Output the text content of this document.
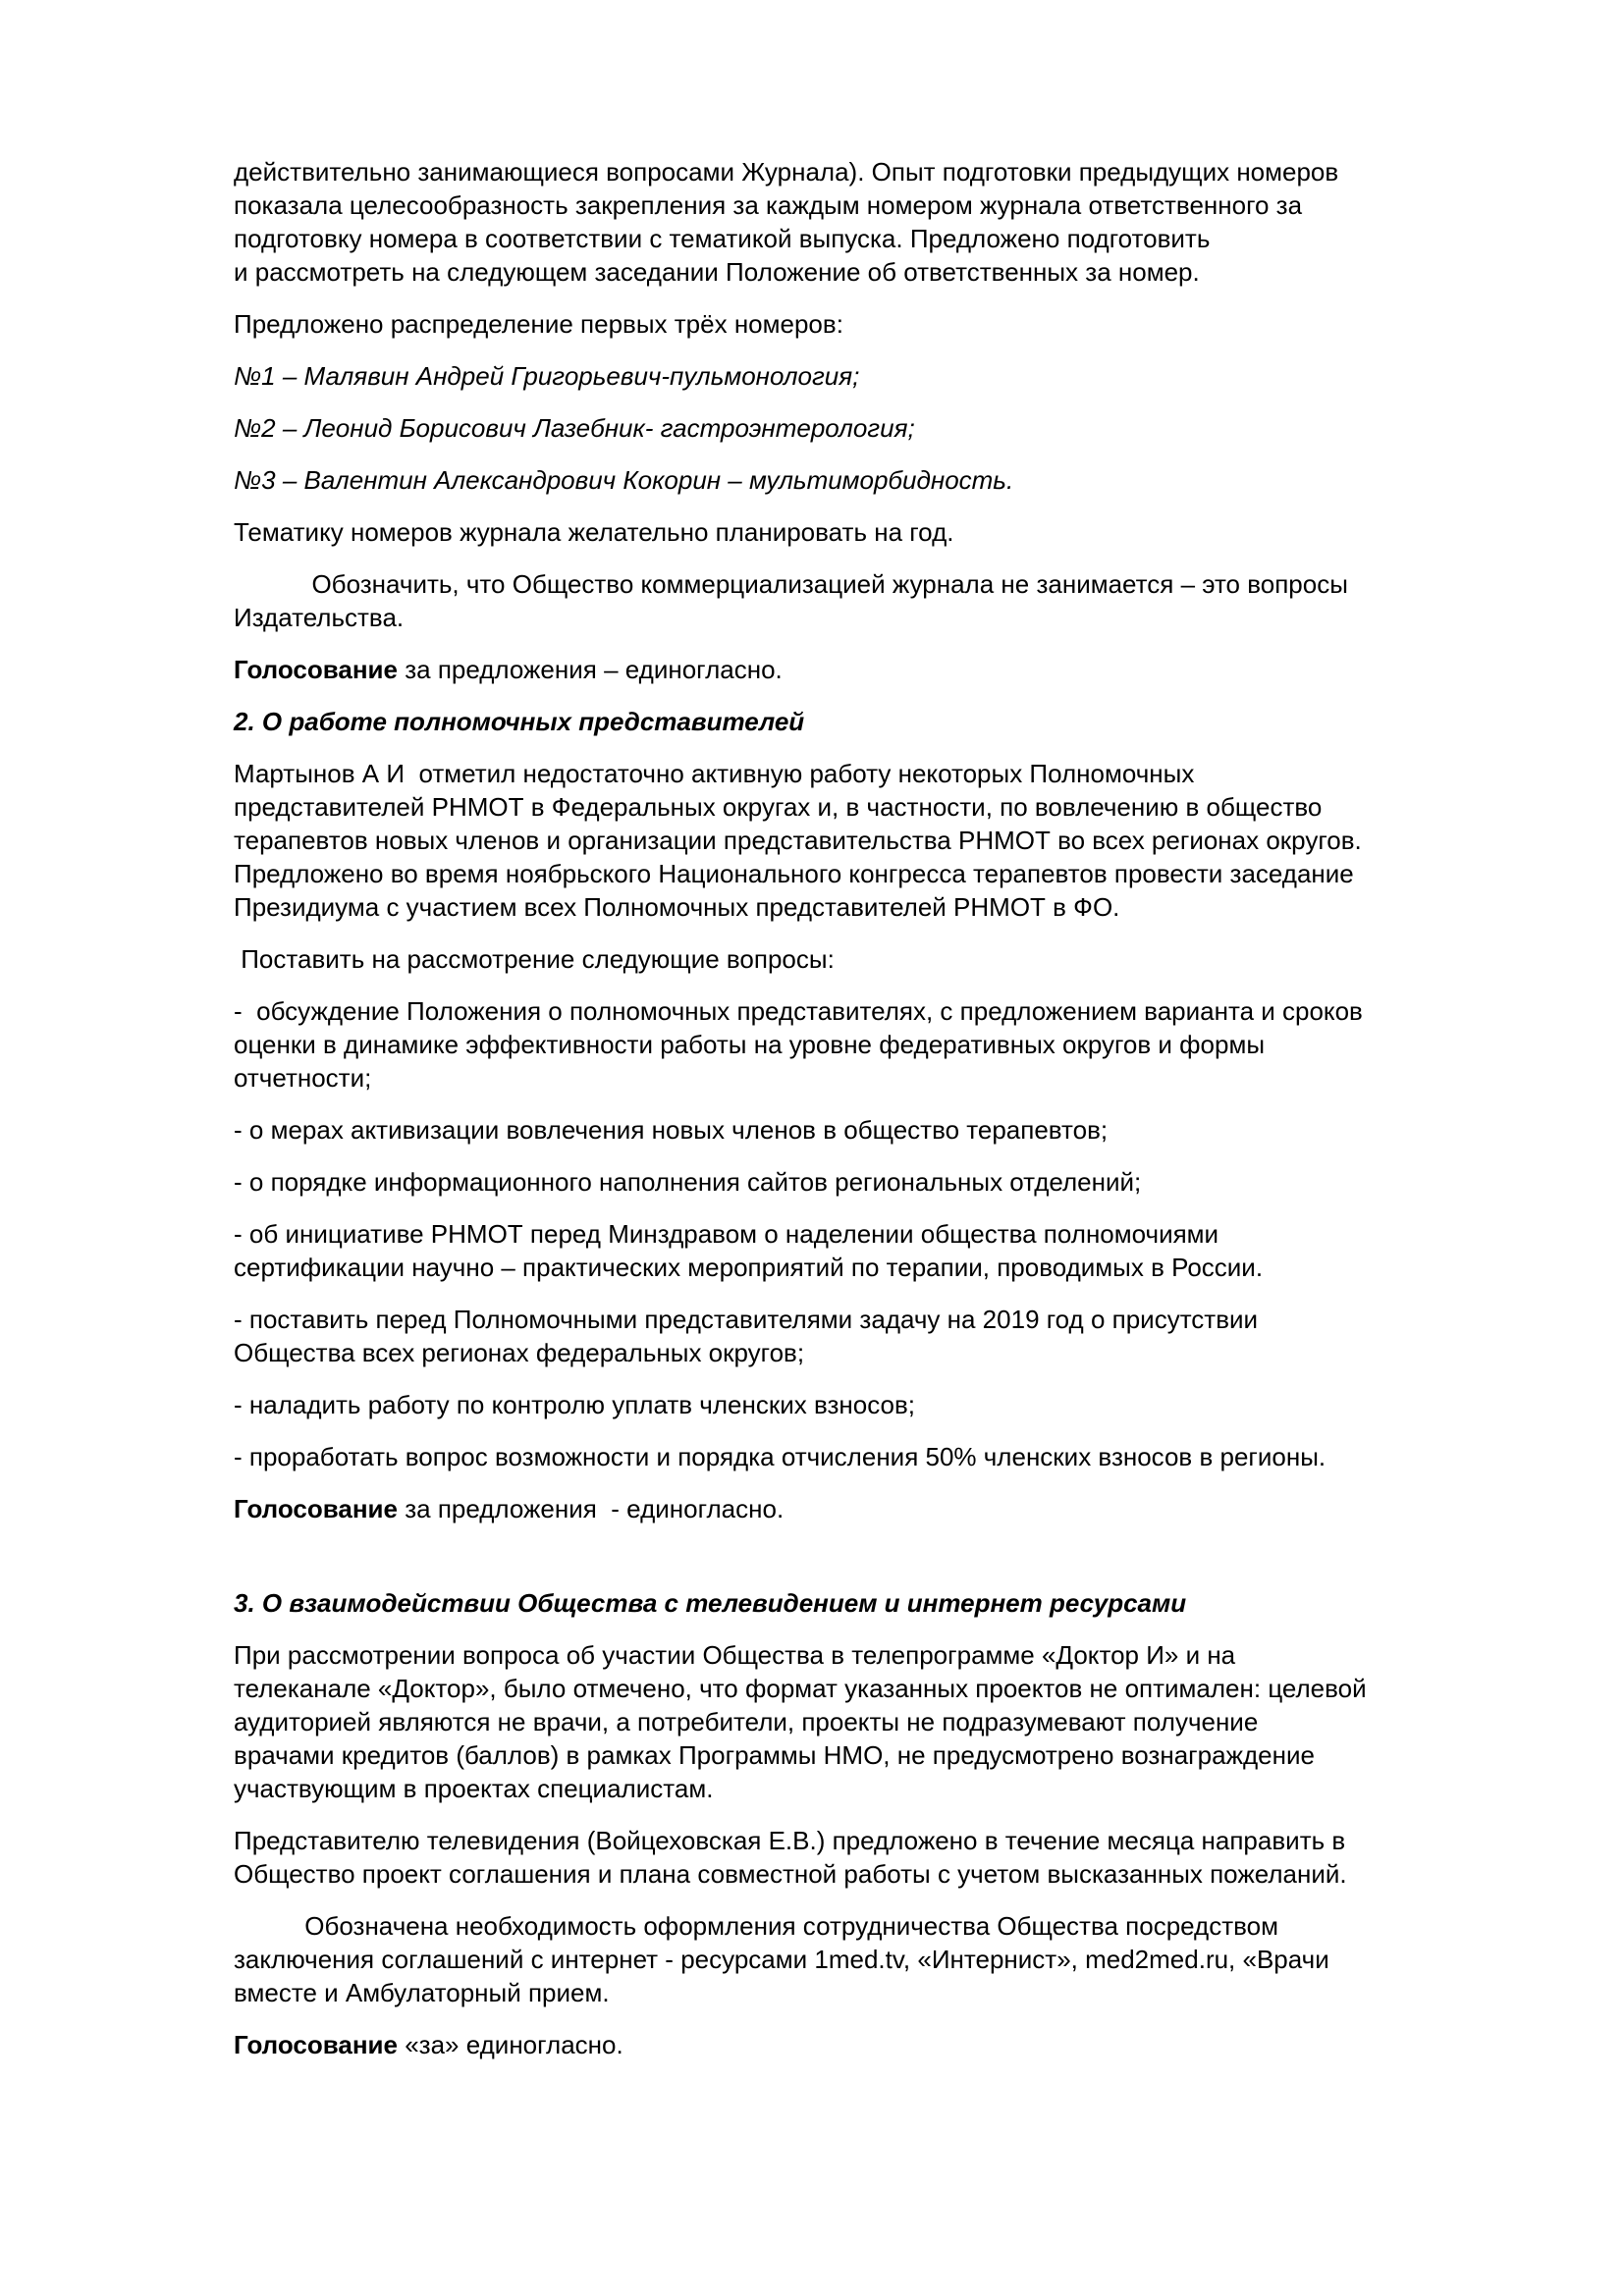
действительно занимающиеся вопросами Журнала). Опыт подготовки предыдущих номеров
показала целесообразность закрепления за каждым номером журнала ответственного за
подготовку номера в соответствии с тематикой выпуска. Предложено подготовить
и рассмотреть на следующем заседании Положение об ответственных за номер.

Предложено распределение первых трёх номеров:

№1 – Малявин Андрей Григорьевич-пульмонология;

№2 – Леонид Борисович Лазебник- гастроэнтерология;

№3 – Валентин Александрович Кокорин – мультиморбидность.

Тематику номеров журнала желательно планировать на год.

Обозначить, что Общество коммерциализацией журнала не занимается – это вопросы
Издательства.

Голосование за предложения – единогласно.

2. О работе полномочных представителей

Мартынов А И  отметил недостаточно активную работу некоторых Полномочных
представителей РНМОТ в Федеральных округах и, в частности, по вовлечению в общество
терапевтов новых членов и организации представительства РНМОТ во всех регионах округов.
Предложено во время ноябрьского Национального конгресса терапевтов провести заседание
Президиума с участием всех Полномочных представителей РНМОТ в ФО.

Поставить на рассмотрение следующие вопросы:

-  обсуждение Положения о полномочных представителях, с предложением варианта и сроков
оценки в динамике эффективности работы на уровне федеративных округов и формы
отчетности;

- о мерах активизации вовлечения новых членов в общество терапевтов;

- о порядке информационного наполнения сайтов региональных отделений;

- об инициативе РНМОТ перед Минздравом о наделении общества полномочиями
сертификации научно – практических мероприятий по терапии, проводимых в России.

- поставить перед Полномочными представителями задачу на 2019 год о присутствии
Общества всех регионах федеральных округов;

- наладить работу по контролю уплатв членских взносов;

- проработать вопрос возможности и порядка отчисления 50% членских взносов в регионы.

Голосование за предложения  - единогласно.

3. О взаимодействии Общества с телевидением и интернет ресурсами

При рассмотрении вопроса об участии Общества в телепрограмме «Доктор И» и на
телеканале «Доктор», было отмечено, что формат указанных проектов не оптимален: целевой
аудиторией являются не врачи, а потребители, проекты не подразумевают получение
врачами кредитов (баллов) в рамках Программы НМО, не предусмотрено вознаграждение
участвующим в проектах специалистам.

Представителю телевидения (Войцеховская Е.В.) предложено в течение месяца направить в
Общество проект соглашения и плана совместной работы с учетом высказанных пожеланий.

Обозначена необходимость оформления сотрудничества Общества посредством
заключения соглашений с интернет - ресурсами 1med.tv, «Интернист», med2med.ru, «Врачи
вместе и Амбулаторный прием.

Голосование «за» единогласно.
